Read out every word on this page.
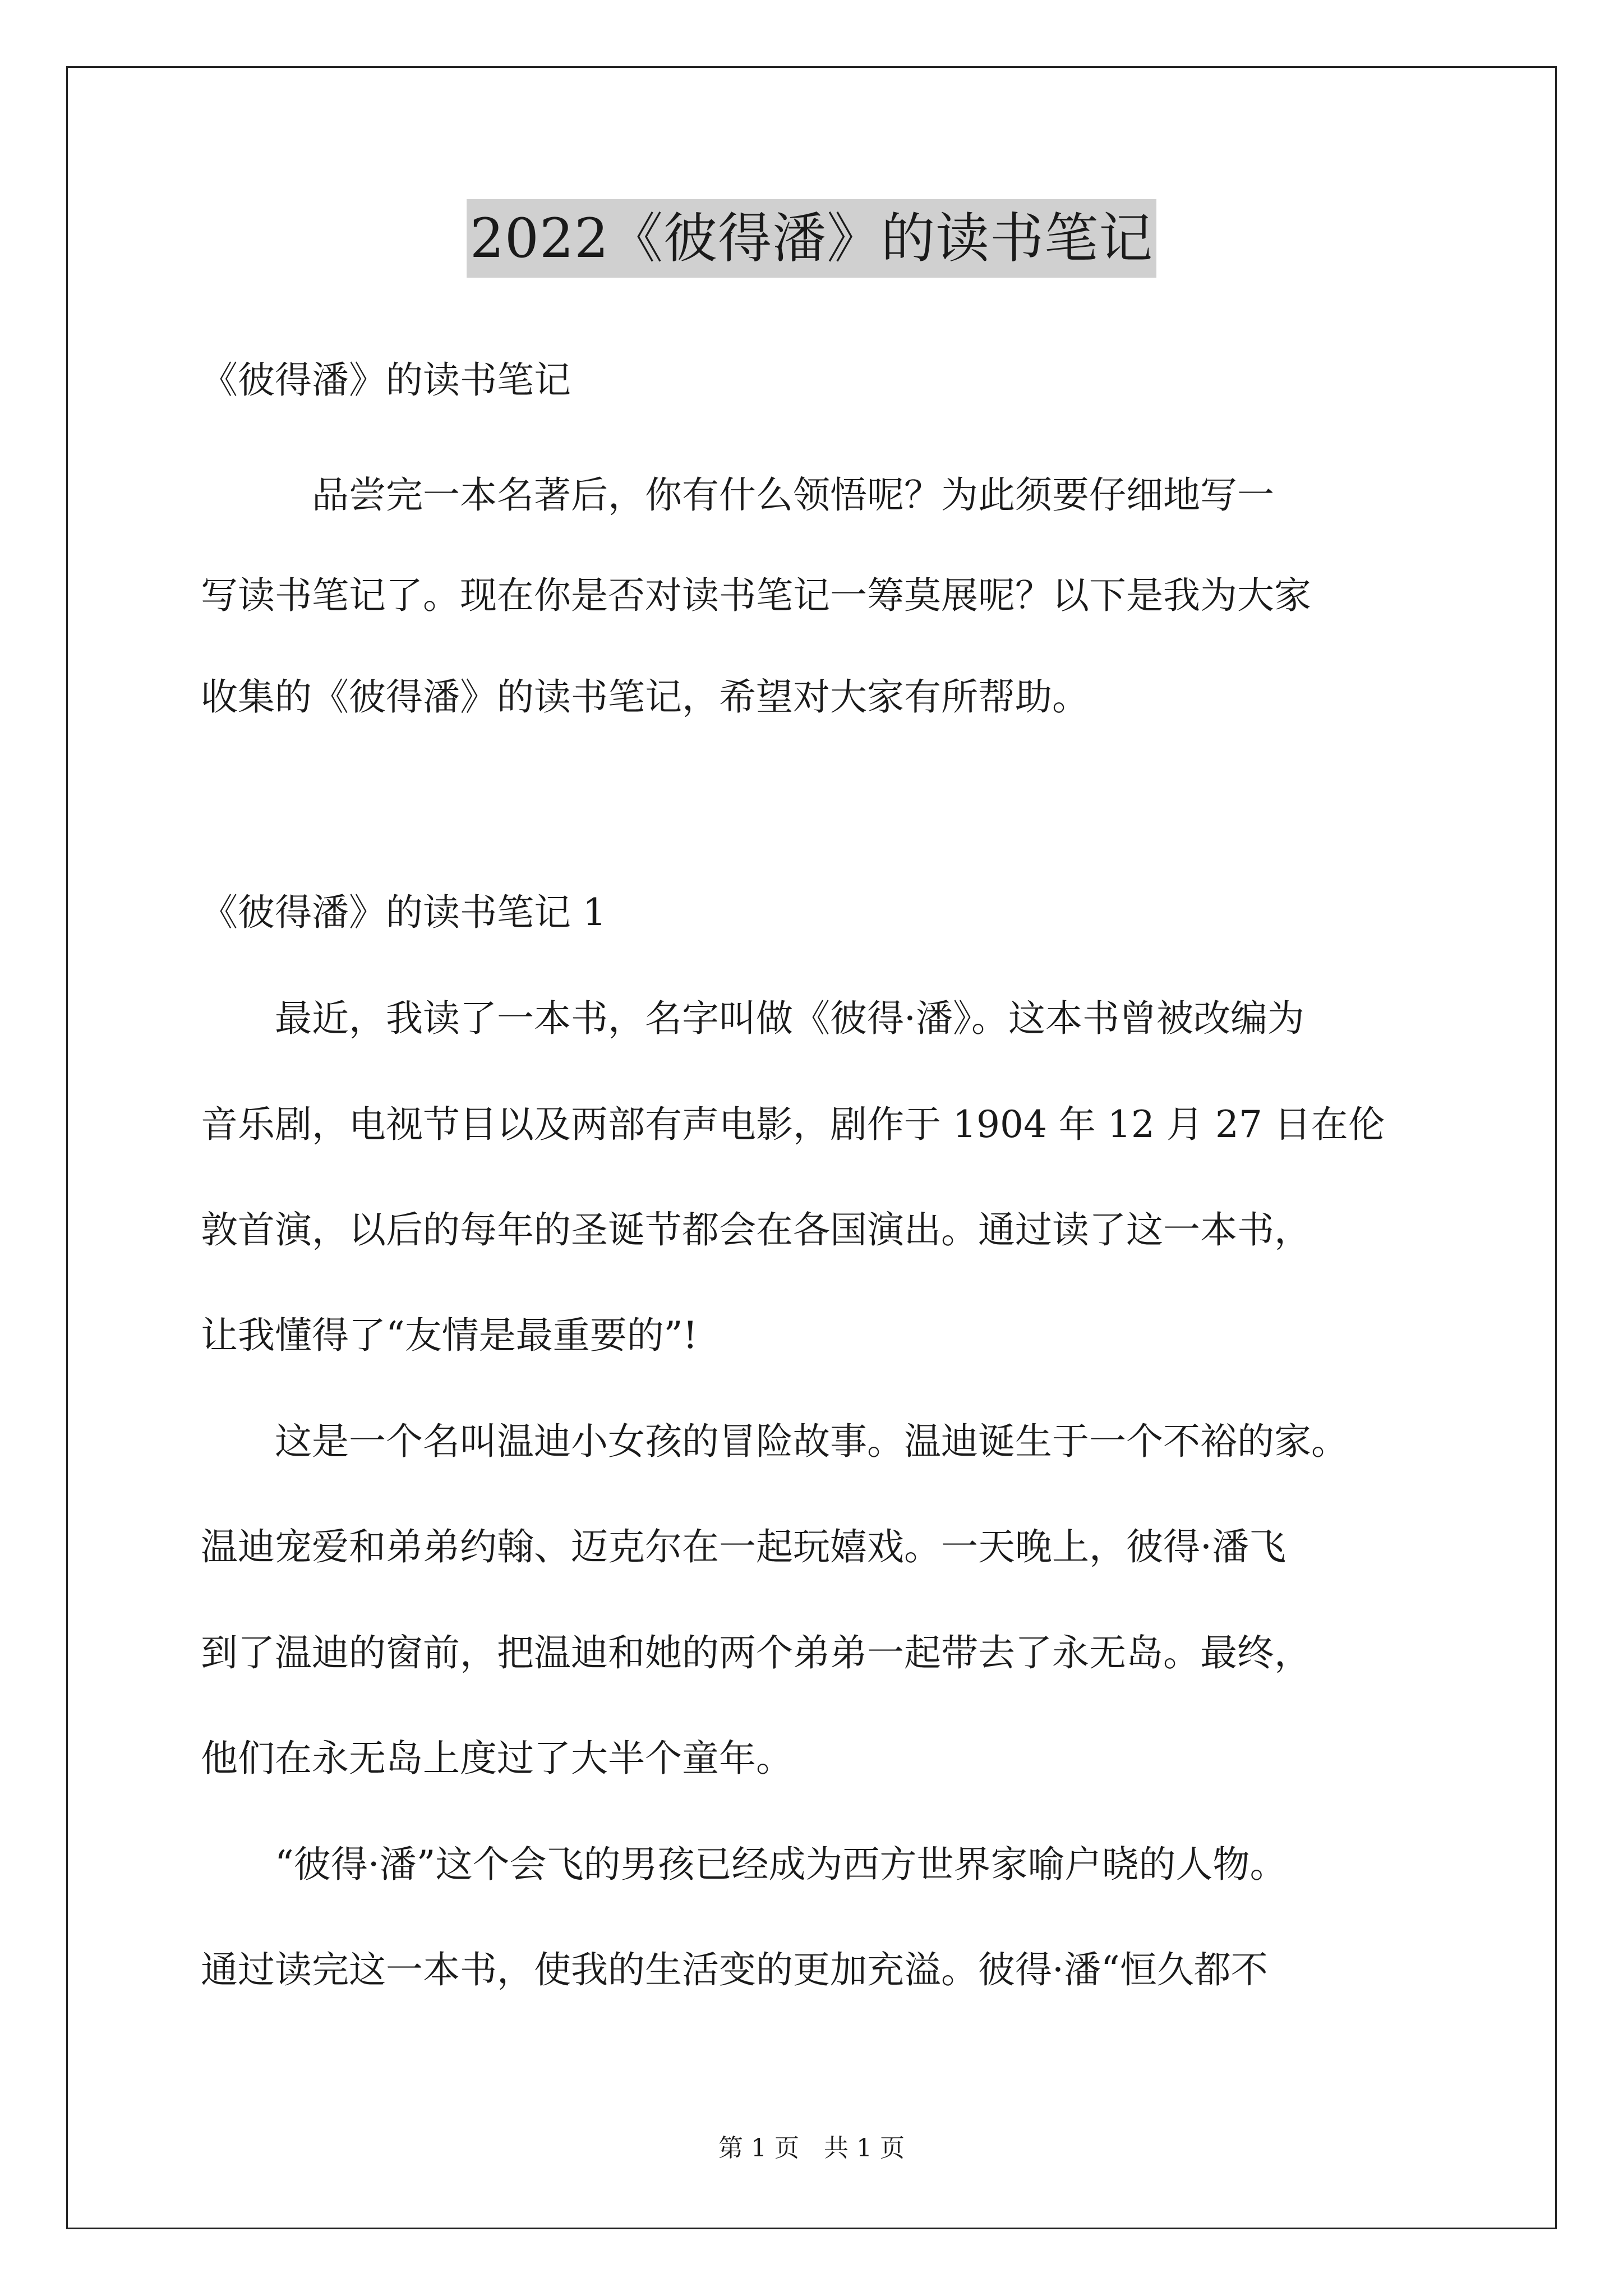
2022《彼得潘》的读书笔记
《彼得潘》的读书笔记
　　　品尝完一本名著后，你有什么领悟呢？为此须要仔细地写一
写读书笔记了。现在你是否对读书笔记一筹莫展呢？以下是我为大家
收集的《彼得潘》的读书笔记，希望对大家有所帮助。
《彼得潘》的读书笔记 1
　　最近，我读了一本书，名字叫做《彼得·潘》。这本书曾被改编为
音乐剧，电视节目以及两部有声电影，剧作于 1904 年 12 月 27 日在伦
敦首演，以后的每年的圣诞节都会在各国演出。通过读了这一本书，
让我懂得了“友情是最重要的”!
　　这是一个名叫温迪小女孩的冒险故事。温迪诞生于一个不裕的家。
温迪宠爱和弟弟约翰、迈克尔在一起玩嬉戏。一天晚上，彼得·潘飞
到了温迪的窗前，把温迪和她的两个弟弟一起带去了永无岛。最终，
他们在永无岛上度过了大半个童年。
　　“彼得·潘”这个会飞的男孩已经成为西方世界家喻户晓的人物。
通过读完这一本书，使我的生活变的更加充溢。彼得·潘“恒久都不
第 1 页　共 1 页
